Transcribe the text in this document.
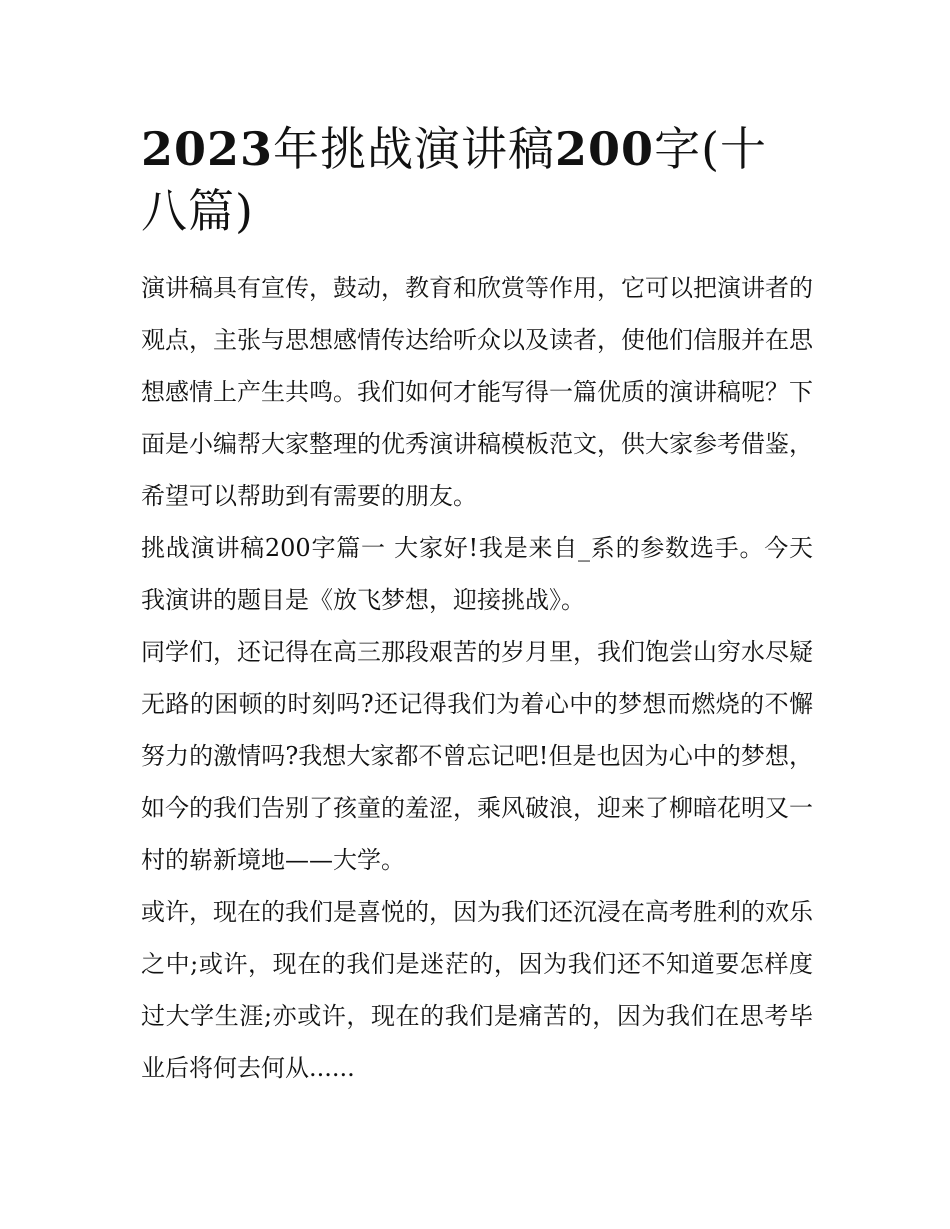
2023年挑战演讲稿200字(十八篇)

演讲稿具有宣传，鼓动，教育和欣赏等作用，它可以把演讲者的观点，主张与思想感情传达给听众以及读者，使他们信服并在思想感情上产生共鸣。我们如何才能写得一篇优质的演讲稿呢？下面是小编帮大家整理的优秀演讲稿模板范文，供大家参考借鉴，希望可以帮助到有需要的朋友。

挑战演讲稿200字篇一 大家好!我是来自_系的参数选手。今天我演讲的题目是《放飞梦想，迎接挑战》。

同学们，还记得在高三那段艰苦的岁月里，我们饱尝山穷水尽疑无路的困顿的时刻吗?还记得我们为着心中的梦想而燃烧的不懈努力的激情吗?我想大家都不曾忘记吧!但是也因为心中的梦想，如今的我们告别了孩童的羞涩，乘风破浪，迎来了柳暗花明又一村的崭新境地——大学。

或许，现在的我们是喜悦的，因为我们还沉浸在高考胜利的欢乐之中;或许，现在的我们是迷茫的，因为我们还不知道要怎样度过大学生涯;亦或许，现在的我们是痛苦的，因为我们在思考毕业后将何去何从......
